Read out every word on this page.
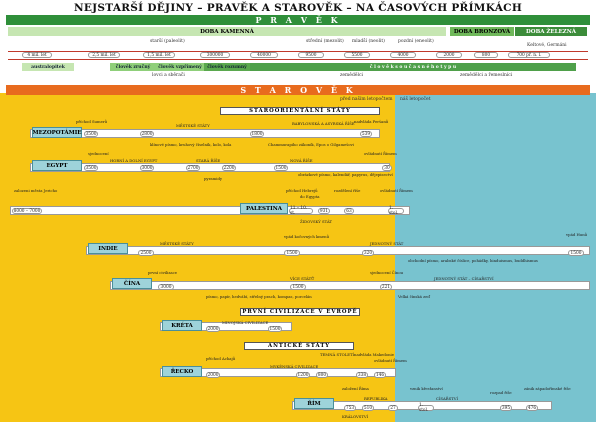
NEJSTARŠÍ DĚJINY – PRAVĚK A STAROVĚK – NA ČASOVÝCH PŘÍMKÁCH
P R A V Ě K
DOBA KAMENNÁ	DOBA BRONZOVÁ	DOBA ŽELEZNÁ
starší (paleolit)	střední (mezolit) mladší (neolit)	pozdní (eneolit)
Keltové, Germáni
4 mil. let	2,5 mil. let	1,5 mil. let	300000	40000	9500	5500	4000	2000	800	700 př. n. l.
australopitek	člověk zručný	člověk vzpřímený	člověk rozumný	č l o v ě k s o u č a s n é h o t y p u
lovci a sběrači	zemědělci	zemědělci a řemeslníci
S T A R O V Ě K
před naším letopočtem náš letopočet
STAROORIENTÁLNÍ STÁTY
MEZOPOTÁMIE
příchod Sumerů
MĚSTSKÉ STÁTY	BABYLONSKÁ A ASYRSKÁ ŘÍŠE nadvláda Peršanů
3500	2800	1800	539
klínové písmo, kruhový číselník, kolo, kola	Chammurapiho zákoník, Epos o Gilgamešovi
EGYPT
sjednocení
HORNÍ A DOLNÍ EGYPT	STARÁ ŘÍŠE	NOVÁ ŘÍŠE
ovládnutí Římem
3500	3000	2700	2200	1500	30
pyramidy
obrázkové písmo, kalendář, papyrus, dějepisectví
zalozeni města Jericho
8000 – 7000	PALESTINA
příchod Hebrejů
do Egypta
rozdělení říše	ovládnutí Římem
11 – 10. st.	931	63	1. stol.
ŽIDOVSKÝ STÁT
INDIE
MĚSTSKÉ STÁTY
vpád kočovných kmenů
JEDNOTNÝ STÁT
2500	1500	320	1500
vpád Hunů
obchodní písmo, arabské číslice, pohádky, hinduismus, buddhismus
ČÍNA
první civilizace
VÍCE STÁTŮ
sjednocení Čínou
JEDNOTNÝ STÁT – CÍSAŘSTVÍ
3000	1500	221
Velká čínská zeď
písmo, papír, hedvábí, střelný prach, kompas, porcelán
PRVNÍ CIVILIZACE V EVROPĚ
KRÉTA	MINOJSKÁ CIVILIZACE
2000	1500
ANTICKÉ STÁTY
ŘECKO
příchod Achajů
TEMNÁ STOLETÍ
MYKÉNSKÁ CIVILIZACE
nadvláda Makedonie
ovládnutí Římem
2000	1200	800	338	146
ŘÍM
založení Říma
REPUBLIKA	CÍSAŘSTVÍ
KRÁLOVSTVÍ
753	510	27	1. stol.	395	476
vznik křesťanství
rozpad říše
zánik západořímské říše
